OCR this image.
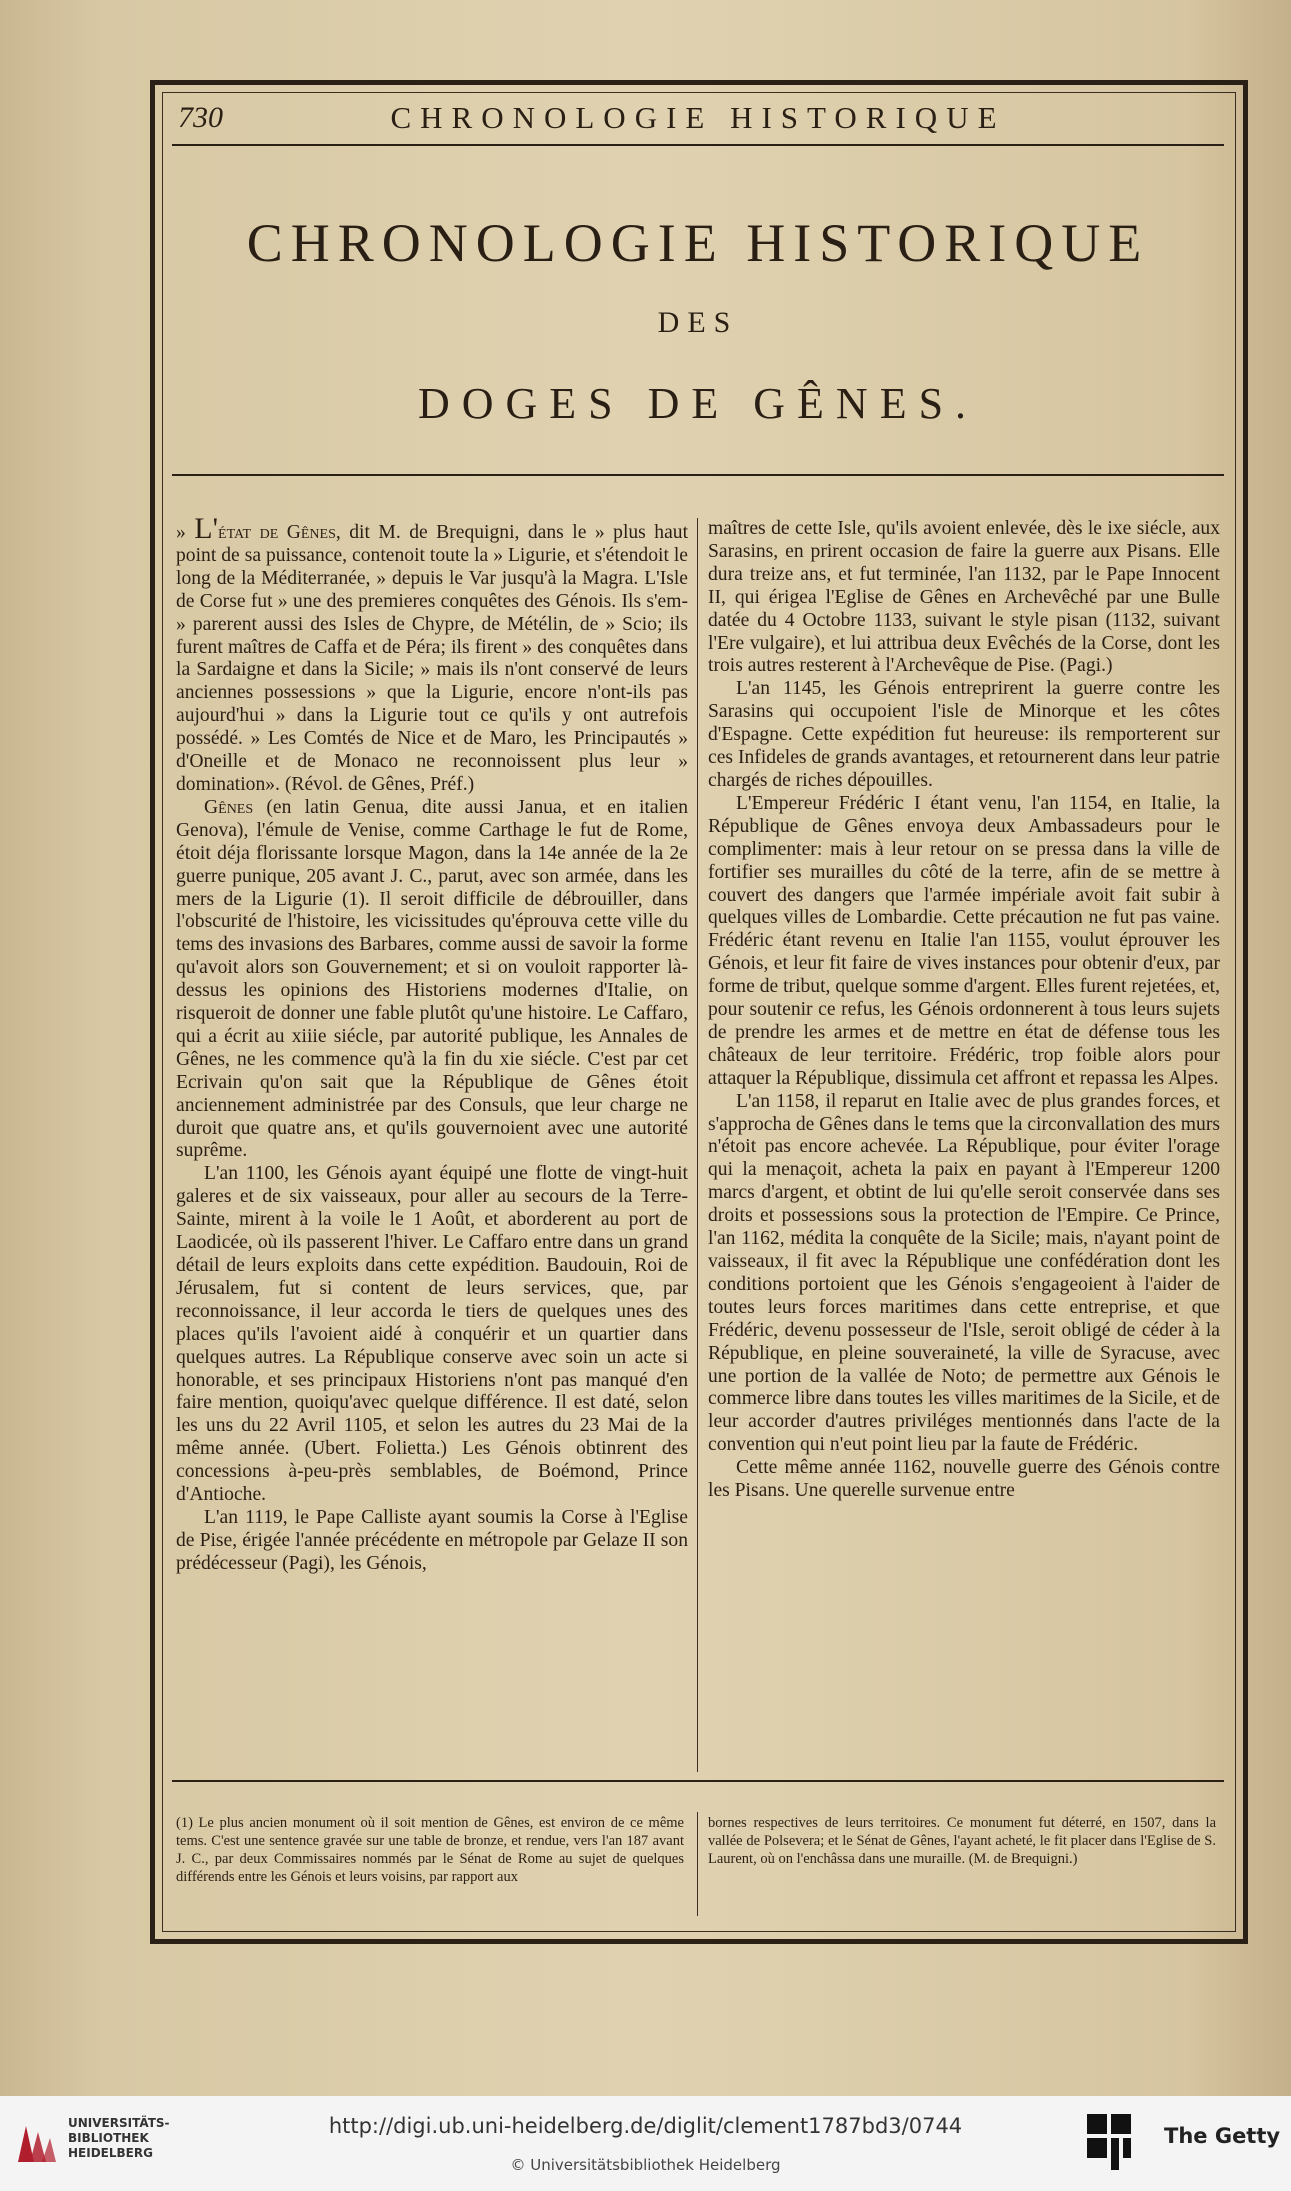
730	CHRONOLOGIE HISTORIQUE
CHRONOLOGIE HISTORIQUE
DES
DOGES DE GÊNES.

» L'état de Gênes, dit M. de Brequigni, dans le » plus haut point de sa puissance, contenoit toute la » Ligurie, et s'étendoit le long de la Méditerranée, » depuis le Var jusqu'à la Magra. L'Isle de Corse fut » une des premieres conquêtes des Génois. Ils s'em- » parerent aussi des Isles de Chypre, de Métélin, de » Scio; ils furent maîtres de Caffa et de Péra; ils firent » des conquêtes dans la Sardaigne et dans la Sicile; » mais ils n'ont conservé de leurs anciennes possessions » que la Ligurie, encore n'ont-ils pas aujourd'hui » dans la Ligurie tout ce qu'ils y ont autrefois possédé. » Les Comtés de Nice et de Maro, les Principautés » d'Oneille et de Monaco ne reconnoissent plus leur » domination». (Révol. de Gênes, Préf.)

Gênes (en latin Genua, dite aussi Janua, et en italien Genova), l'émule de Venise, comme Carthage le fut de Rome, étoit déja florissante lorsque Magon, dans la 14e année de la 2e guerre punique, 205 avant J. C., parut, avec son armée, dans les mers de la Ligurie (1). Il seroit difficile de débrouiller, dans l'obscurité de l'histoire, les vicissitudes qu'éprouva cette ville du tems des invasions des Barbares, comme aussi de savoir la forme qu'avoit alors son Gouvernement; et si on vouloit rapporter là-dessus les opinions des Historiens modernes d'Italie, on risqueroit de donner une fable plutôt qu'une histoire. Le Caffaro, qui a écrit au xiiie siécle, par autorité publique, les Annales de Gênes, ne les commence qu'à la fin du xie siécle. C'est par cet Ecrivain qu'on sait que la République de Gênes étoit anciennement administrée par des Consuls, que leur charge ne duroit que quatre ans, et qu'ils gouvernoient avec une autorité suprême.

L'an 1100, les Génois ayant équipé une flotte de vingt-huit galeres et de six vaisseaux, pour aller au secours de la Terre-Sainte, mirent à la voile le 1 Août, et aborderent au port de Laodicée, où ils passerent l'hiver. Le Caffaro entre dans un grand détail de leurs exploits dans cette expédition. Baudouin, Roi de Jérusalem, fut si content de leurs services, que, par reconnoissance, il leur accorda le tiers de quelques unes des places qu'ils l'avoient aidé à conquérir et un quartier dans quelques autres. La République conserve avec soin un acte si honorable, et ses principaux Historiens n'ont pas manqué d'en faire mention, quoiqu'avec quelque différence. Il est daté, selon les uns du 22 Avril 1105, et selon les autres du 23 Mai de la même année. (Ubert. Folietta.) Les Génois obtinrent des concessions à-peu-près semblables, de Boémond, Prince d'Antioche.

L'an 1119, le Pape Calliste ayant soumis la Corse à l'Eglise de Pise, érigée l'année précédente en métropole par Gelaze II son prédécesseur (Pagi), les Génois,

maîtres de cette Isle, qu'ils avoient enlevée, dès le ixe siécle, aux Sarasins, en prirent occasion de faire la guerre aux Pisans. Elle dura treize ans, et fut terminée, l'an 1132, par le Pape Innocent II, qui érigea l'Eglise de Gênes en Archevêché par une Bulle datée du 4 Octobre 1133, suivant le style pisan (1132, suivant l'Ere vulgaire), et lui attribua deux Evêchés de la Corse, dont les trois autres resterent à l'Archevêque de Pise. (Pagi.)

L'an 1145, les Génois entreprirent la guerre contre les Sarasins qui occupoient l'isle de Minorque et les côtes d'Espagne. Cette expédition fut heureuse: ils remporterent sur ces Infideles de grands avantages, et retournerent dans leur patrie chargés de riches dépouilles.

L'Empereur Frédéric I étant venu, l'an 1154, en Italie, la République de Gênes envoya deux Ambassadeurs pour le complimenter: mais à leur retour on se pressa dans la ville de fortifier ses murailles du côté de la terre, afin de se mettre à couvert des dangers que l'armée impériale avoit fait subir à quelques villes de Lombardie. Cette précaution ne fut pas vaine. Frédéric étant revenu en Italie l'an 1155, voulut éprouver les Génois, et leur fit faire de vives instances pour obtenir d'eux, par forme de tribut, quelque somme d'argent. Elles furent rejetées, et, pour soutenir ce refus, les Génois ordonnerent à tous leurs sujets de prendre les armes et de mettre en état de défense tous les châteaux de leur territoire. Frédéric, trop foible alors pour attaquer la République, dissimula cet affront et repassa les Alpes.

L'an 1158, il reparut en Italie avec de plus grandes forces, et s'approcha de Gênes dans le tems que la circonvallation des murs n'étoit pas encore achevée. La République, pour éviter l'orage qui la menaçoit, acheta la paix en payant à l'Empereur 1200 marcs d'argent, et obtint de lui qu'elle seroit conservée dans ses droits et possessions sous la protection de l'Empire. Ce Prince, l'an 1162, médita la conquête de la Sicile; mais, n'ayant point de vaisseaux, il fit avec la République une confédération dont les conditions portoient que les Génois s'engageoient à l'aider de toutes leurs forces maritimes dans cette entreprise, et que Frédéric, devenu possesseur de l'Isle, seroit obligé de céder à la République, en pleine souveraineté, la ville de Syracuse, avec une portion de la vallée de Noto; de permettre aux Génois le commerce libre dans toutes les villes maritimes de la Sicile, et de leur accorder d'autres priviléges mentionnés dans l'acte de la convention qui n'eut point lieu par la faute de Frédéric.

Cette même année 1162, nouvelle guerre des Génois contre les Pisans. Une querelle survenue entre

(1) Le plus ancien monument où il soit mention de Gênes, est environ de ce même tems. C'est une sentence gravée sur une table de bronze, et rendue, vers l'an 187 avant J. C., par deux Commissaires nommés par le Sénat de Rome au sujet de quelques différends entre les Génois et leurs voisins, par rapport aux
bornes respectives de leurs territoires. Ce monument fut déterré, en 1507, dans la vallée de Polsevera; et le Sénat de Gênes, l'ayant acheté, le fit placer dans l'Eglise de S. Laurent, où on l'enchâssa dans une muraille. (M. de Brequigni.)
UNIVERSITÄTS-
BIBLIOTHEK
HEIDELBERG
http://digi.ub.uni-heidelberg.de/diglit/clement1787bd3/0744
© Universitätsbibliothek Heidelberg
The Getty
